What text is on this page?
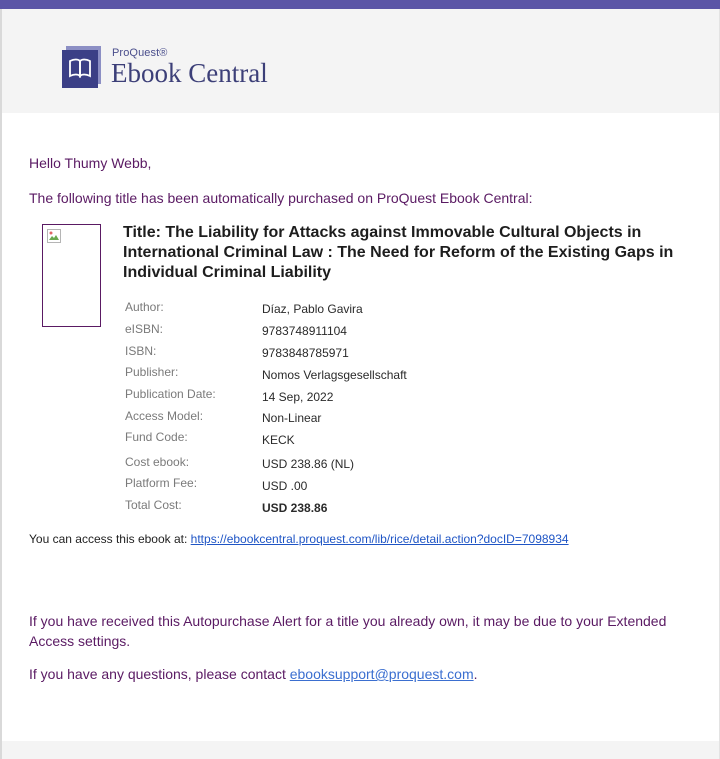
ProQuest®
Ebook Central
Hello Thumy Webb,
The following title has been automatically purchased on ProQuest Ebook Central:
Title: The Liability for Attacks against Immovable Cultural Objects in International Criminal Law : The Need for Reform of the Existing Gaps in Individual Criminal Liability
Author:	Díaz, Pablo Gavira
eISBN:	9783748911104
ISBN:	9783848785971
Publisher:	Nomos Verlagsgesellschaft
Publication Date:	14 Sep, 2022
Access Model:	Non-Linear
Fund Code:	KECK
Cost ebook:	USD 238.86 (NL)
Platform Fee:	USD .00
Total Cost:	USD 238.86
You can access this ebook at: https://ebookcentral.proquest.com/lib/rice/detail.action?docID=7098934
If you have received this Autopurchase Alert for a title you already own, it may be due to your Extended Access settings.
If you have any questions, please contact ebooksupport@proquest.com.
